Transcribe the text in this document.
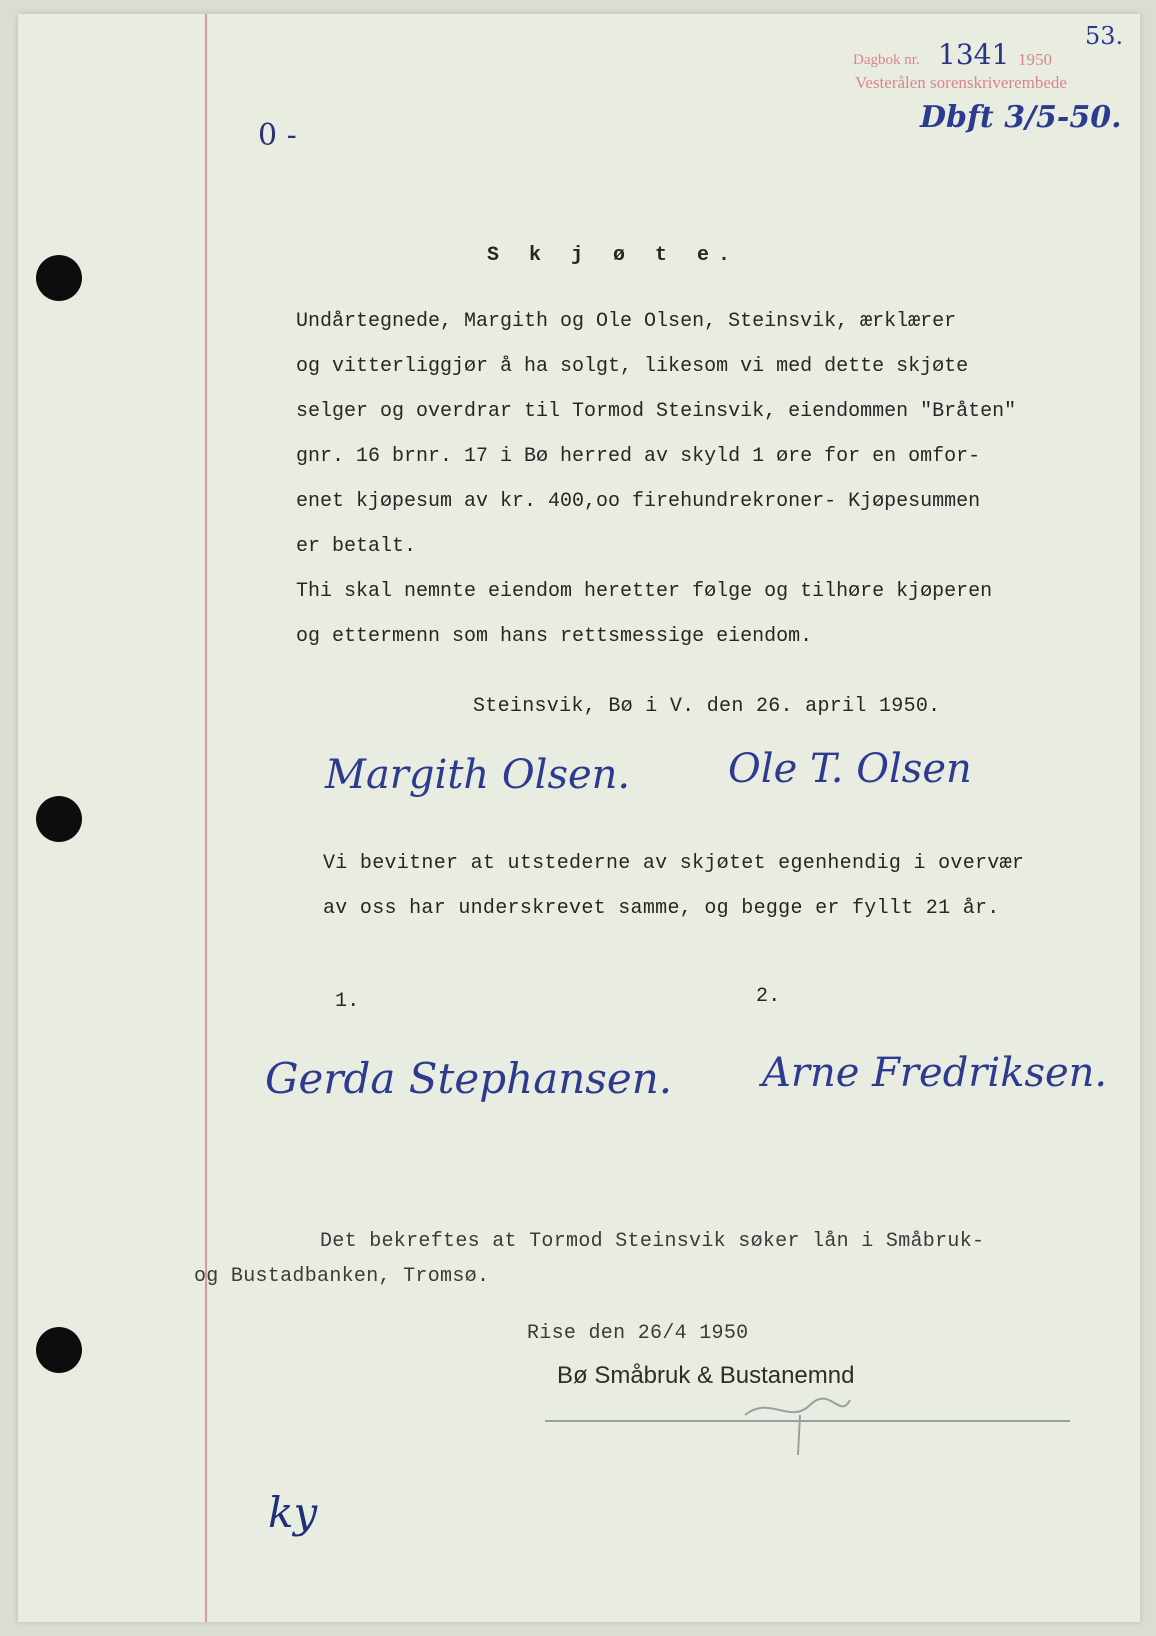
Dagbok nr. 1341 1950
53.
Vesterålen sorenskriverembede
Dbft 3/5-50.
0 -
S k j ø t e.
Undårtegnede, Margith og Ole Olsen, Steinsvik, ærklærer
og vitterliggjør å ha solgt, likesom vi med dette skjøte
selger og overdrar til Tormod Steinsvik, eiendommen "Bråten"
gnr. 16 brnr. 17 i Bø herred av skyld 1 øre for en omfor-
enet kjøpesum av kr. 400,oo firehundrekroner- Kjøpesummen
er betalt.
Thi skal nemnte eiendom heretter følge og tilhøre kjøperen
og ettermenn som hans rettsmessige eiendom.
Steinsvik, Bø i V. den 26. april 1950.
Margith Olsen. Ole T. Olsen
Vi bevitner at utstederne av skjøtet egenhendig i overvær
av oss har underskrevet samme, og begge er fyllt 21 år.
1.	2.
Gerda Stephansen. Arne Fredriksen.
Det bekreftes at Tormod Steinsvik søker lån i Småbruk-
og Bustadbanken, Tromsø.
Rise den 26/4 1950
Bø Småbruk & Bustanemnd
ky
